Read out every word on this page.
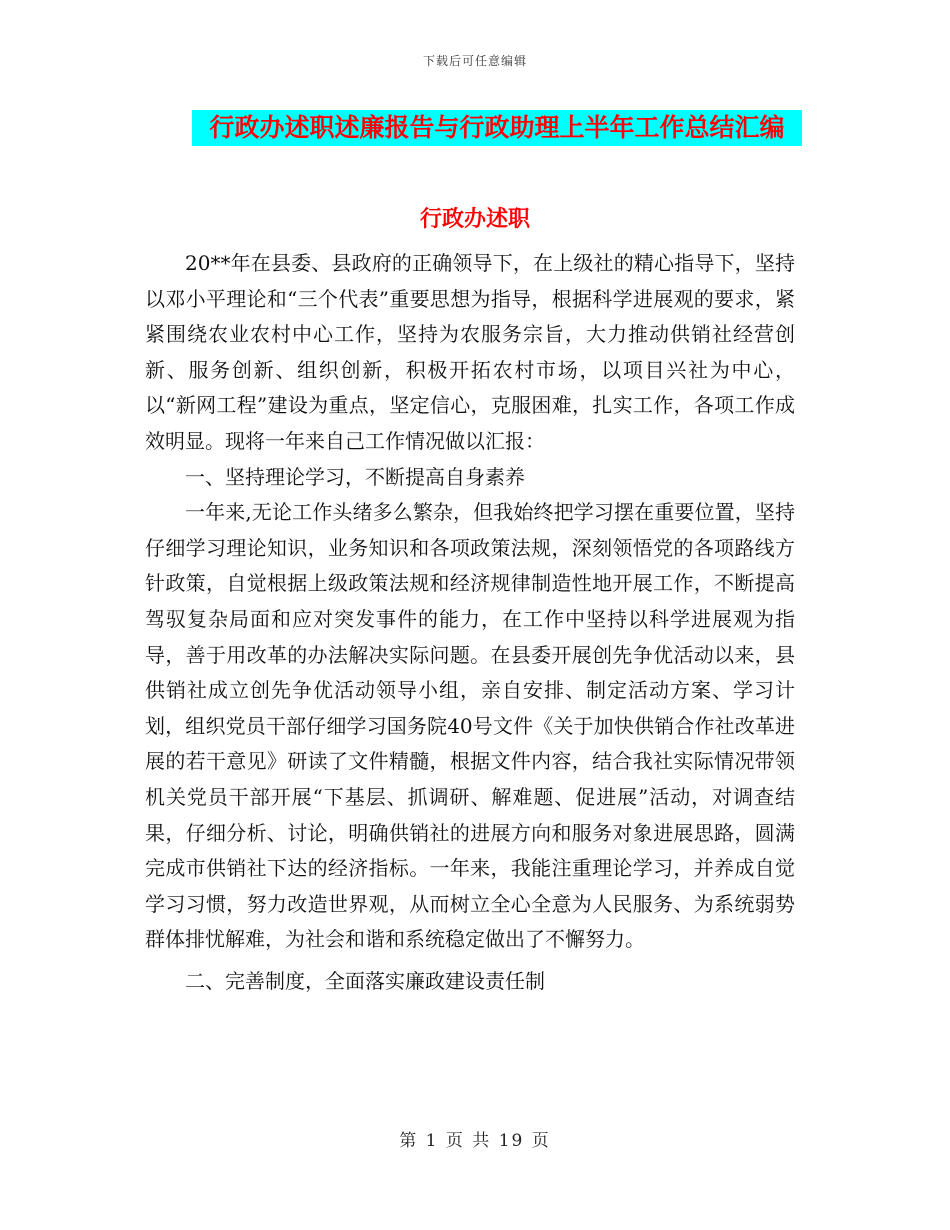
下载后可任意编辑
行政办述职述廉报告与行政助理上半年工作总结汇编
行政办述职

20**年在县委、县政府的正确领导下，在上级社的精心指导下，坚持以邓小平理论和“三个代表”重要思想为指导，根据科学进展观的要求，紧紧围绕农业农村中心工作，坚持为农服务宗旨，大力推动供销社经营创新、服务创新、组织创新，积极开拓农村市场，以项目兴社为中心，以“新网工程”建设为重点，坚定信心，克服困难，扎实工作，各项工作成效明显。现将一年来自己工作情况做以汇报：

一、坚持理论学习，不断提高自身素养

一年来,无论工作头绪多么繁杂，但我始终把学习摆在重要位置，坚持仔细学习理论知识，业务知识和各项政策法规，深刻领悟党的各项路线方针政策，自觉根据上级政策法规和经济规律制造性地开展工作，不断提高驾驭复杂局面和应对突发事件的能力，在工作中坚持以科学进展观为指导，善于用改革的办法解决实际问题。在县委开展创先争优活动以来，县供销社成立创先争优活动领导小组，亲自安排、制定活动方案、学习计划，组织党员干部仔细学习国务院40号文件《关于加快供销合作社改革进展的若干意见》研读了文件精髓，根据文件内容，结合我社实际情况带领机关党员干部开展“下基层、抓调研、解难题、促进展”活动，对调查结果，仔细分析、讨论，明确供销社的进展方向和服务对象进展思路，圆满完成市供销社下达的经济指标。一年来，我能注重理论学习，并养成自觉学习习惯，努力改造世界观，从而树立全心全意为人民服务、为系统弱势群体排忧解难，为社会和谐和系统稳定做出了不懈努力。

二、完善制度，全面落实廉政建设责任制

第 1 页 共 19 页
